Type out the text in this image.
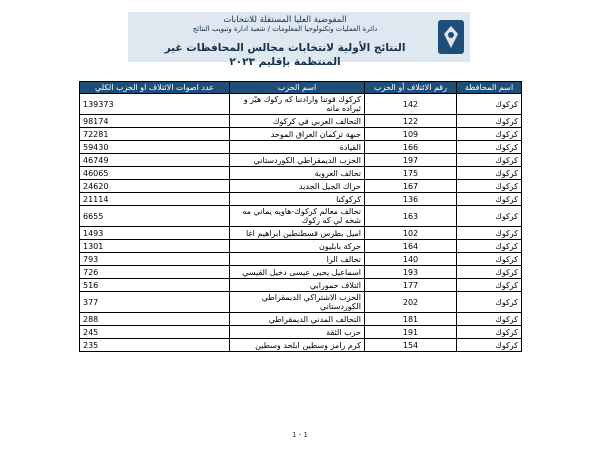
المفوضية العليا المستقلة للانتخابات
دائرة العمليات وتكنولوجيا المعلومات / شعبة ادارة وتبويب النتائج
النتائج الأولية لانتخابات مجالس المحافظات غير المنتظمة بإقليم ٢٠٢٣
اسم المحافظة	رقم الائتلاف أو الحزب	اسم الحزب	عدد اصوات الائتلاف او الحزب الكلي
كركوك	142	كركوك قوتنا وارادتنا كه ركوك هيّز و ئيراده مانه	139373
كركوك	122	التحالف العربي في كركوك	98174
كركوك	109	جبهة تركمان العراق الموحد	72281
كركوك	166	القيادة	59430
كركوك	197	الحزب الديمقراطي الكوردستاني	46749
كركوك	175	تحالف العروبة	46065
كركوك	167	حراك الجيل الجديد	24620
كركوك	136	كركوكنا	21114
كركوك	163	تحالف معالم كركوك-هاويه يماني مه شخه لي كه ركوك	6655
كركوك	102	اميل بطرس قسطنطين ابراهيم اغا	1493
كركوك	164	حركة بابليون	1301
كركوك	140	تحالف الرا	793
كركوك	193	اسماعيل يحيى عيسى دخيل القيسي	726
كركوك	177	ائتلاف حمورابي	516
كركوك	202	الحزب الاشتراكي الديمقراطي الكوردستاني	377
كركوك	181	التحالف المدني الديمقراطي	288
كركوك	191	حزب الثقة	245
كركوك	154	كرم رامز وسطين ابلحد وسطين	235
1 - 1
